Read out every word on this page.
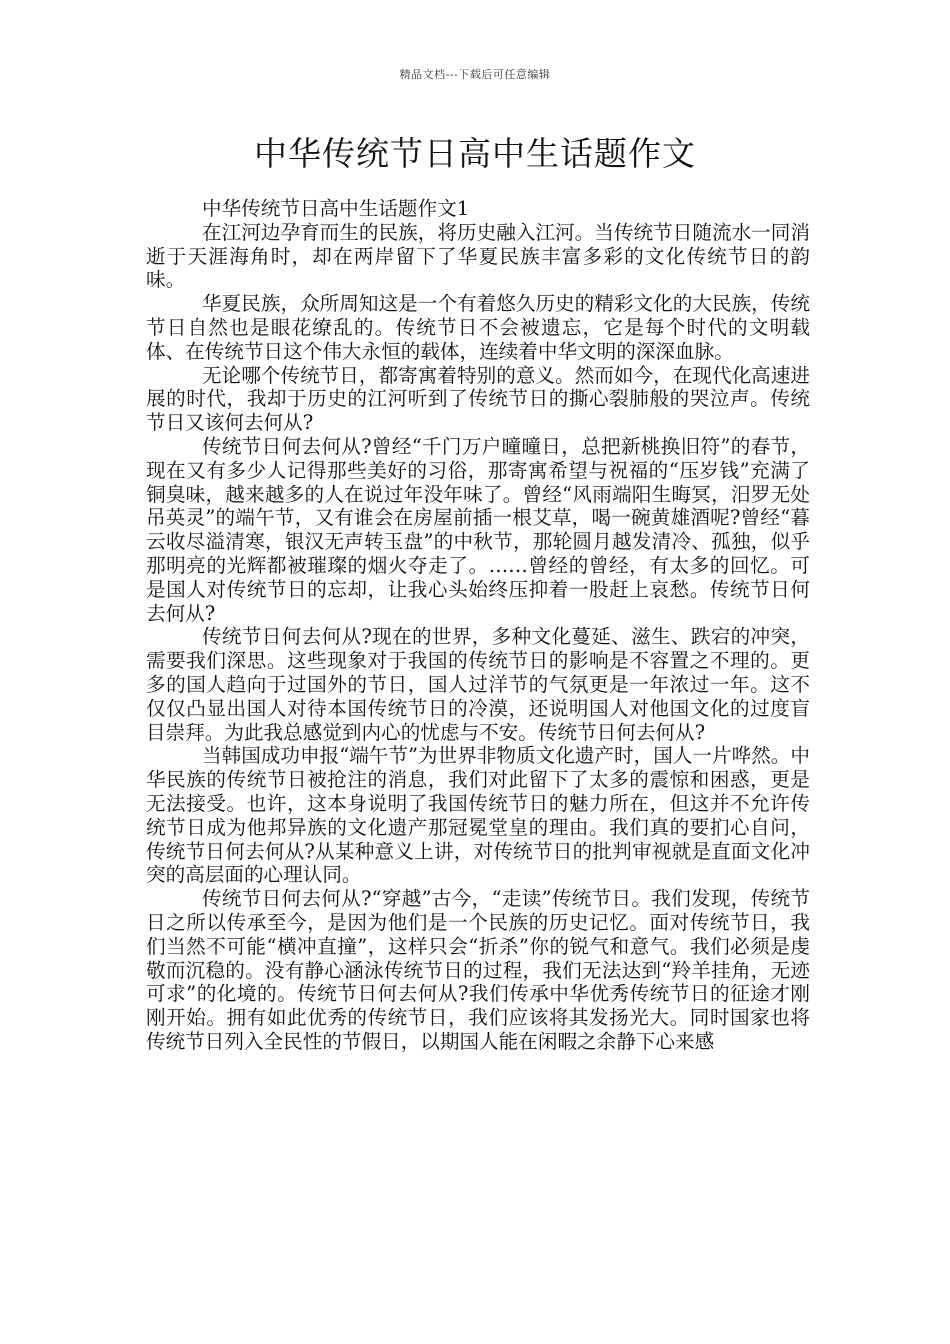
精品文档---下载后可任意编辑
中华传统节日高中生话题作文

中华传统节日高中生话题作文1

在江河边孕育而生的民族，将历史融入江河。当传统节日随流水一同消逝于天涯海角时，却在两岸留下了华夏民族丰富多彩的文化传统节日的韵味。

华夏民族，众所周知这是一个有着悠久历史的精彩文化的大民族，传统节日自然也是眼花缭乱的。传统节日不会被遗忘，它是每个时代的文明载体、在传统节日这个伟大永恒的载体，连续着中华文明的深深血脉。

无论哪个传统节日，都寄寓着特别的意义。然而如今，在现代化高速进展的时代，我却于历史的江河听到了传统节日的撕心裂肺般的哭泣声。传统节日又该何去何从?

传统节日何去何从?曾经“千门万户曈曈日，总把新桃换旧符”的春节，现在又有多少人记得那些美好的习俗，那寄寓希望与祝福的“压岁钱”充满了铜臭味，越来越多的人在说过年没年味了。曾经“风雨端阳生晦冥，汨罗无处吊英灵”的端午节，又有谁会在房屋前插一根艾草，喝一碗黄雄酒呢?曾经“暮云收尽溢清寒，银汉无声转玉盘”的中秋节，那轮圆月越发清冷、孤独，似乎那明亮的光辉都被璀璨的烟火夺走了。……曾经的曾经，有太多的回忆。可是国人对传统节日的忘却，让我心头始终压抑着一股赶上哀愁。传统节日何去何从?

传统节日何去何从?现在的世界，多种文化蔓延、滋生、跌宕的冲突，需要我们深思。这些现象对于我国的传统节日的影响是不容置之不理的。更多的国人趋向于过国外的节日，国人过洋节的气氛更是一年浓过一年。这不仅仅凸显出国人对待本国传统节日的冷漠，还说明国人对他国文化的过度盲目崇拜。为此我总感觉到内心的忧虑与不安。传统节日何去何从?

当韩国成功申报“端午节”为世界非物质文化遗产时，国人一片哗然。中华民族的传统节日被抢注的消息，我们对此留下了太多的震惊和困惑，更是无法接受。也许，这本身说明了我国传统节日的魅力所在，但这并不允许传统节日成为他邦异族的文化遗产那冠冕堂皇的理由。我们真的要扪心自问，传统节日何去何从?从某种意义上讲，对传统节日的批判审视就是直面文化冲突的高层面的心理认同。

传统节日何去何从?“穿越”古今，“走读”传统节日。我们发现，传统节日之所以传承至今，是因为他们是一个民族的历史记忆。面对传统节日，我们当然不可能“横冲直撞”，这样只会“折杀”你的锐气和意气。我们必须是虔敬而沉稳的。没有静心涵泳传统节日的过程，我们无法达到“羚羊挂角，无迹可求”的化境的。传统节日何去何从?我们传承中华优秀传统节日的征途才刚刚开始。拥有如此优秀的传统节日，我们应该将其发扬光大。同时国家也将传统节日列入全民性的节假日，以期国人能在闲暇之余静下心来感
